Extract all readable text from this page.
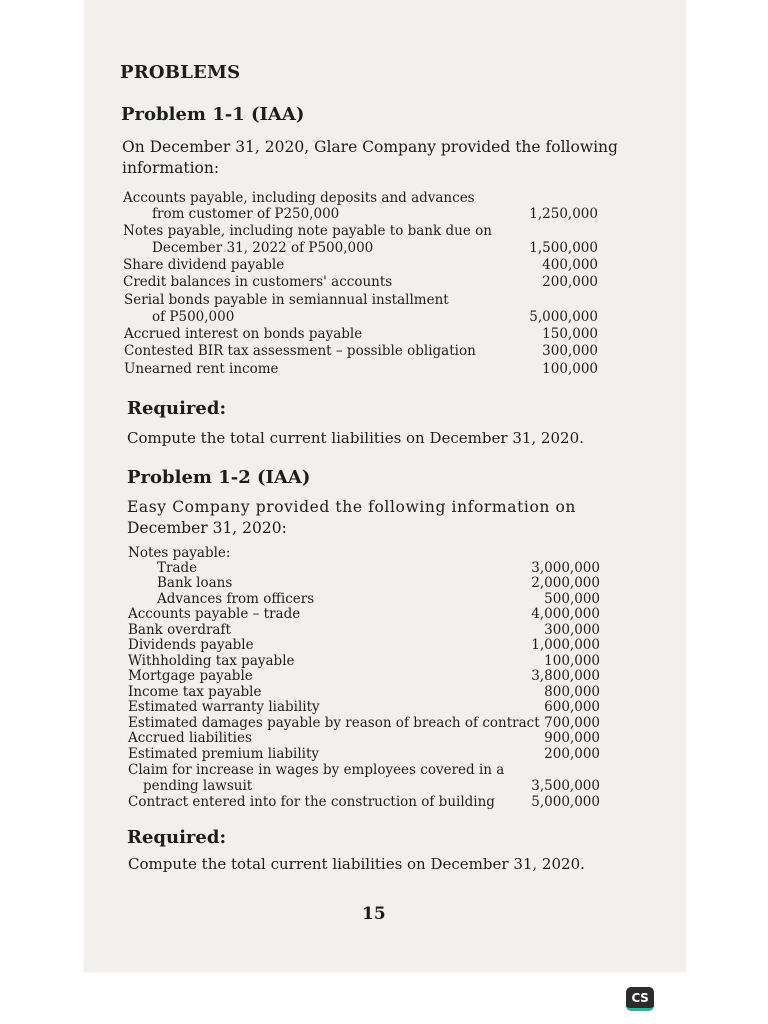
PROBLEMS
Problem 1-1 (IAA)
On December 31, 2020, Glare Company provided the following
information:
Accounts payable, including deposits and advances
from customer of P250,000	1,250,000
Notes payable, including note payable to bank due on
December 31, 2022 of P500,000	1,500,000
Share dividend payable	400,000
Credit balances in customers' accounts	200,000
Serial bonds payable in semiannual installment
of P500,000	5,000,000
Accrued interest on bonds payable	150,000
Contested BIR tax assessment – possible obligation	300,000
Unearned rent income	100,000
Required:
Compute the total current liabilities on December 31, 2020.
Problem 1-2 (IAA)
Easy Company provided the following information on
December 31, 2020:
Notes payable:
Trade	3,000,000
Bank loans	2,000,000
Advances from officers	500,000
Accounts payable – trade	4,000,000
Bank overdraft	300,000
Dividends payable	1,000,000
Withholding tax payable	100,000
Mortgage payable	3,800,000
Income tax payable	800,000
Estimated warranty liability	600,000
Estimated damages payable by reason of breach of contract 700,000
Accrued liabilities	900,000
Estimated premium liability	200,000
Claim for increase in wages by employees covered in a
pending lawsuit	3,500,000
Contract entered into for the construction of building	5,000,000
Required:
Compute the total current liabilities on December 31, 2020.
15
CS
